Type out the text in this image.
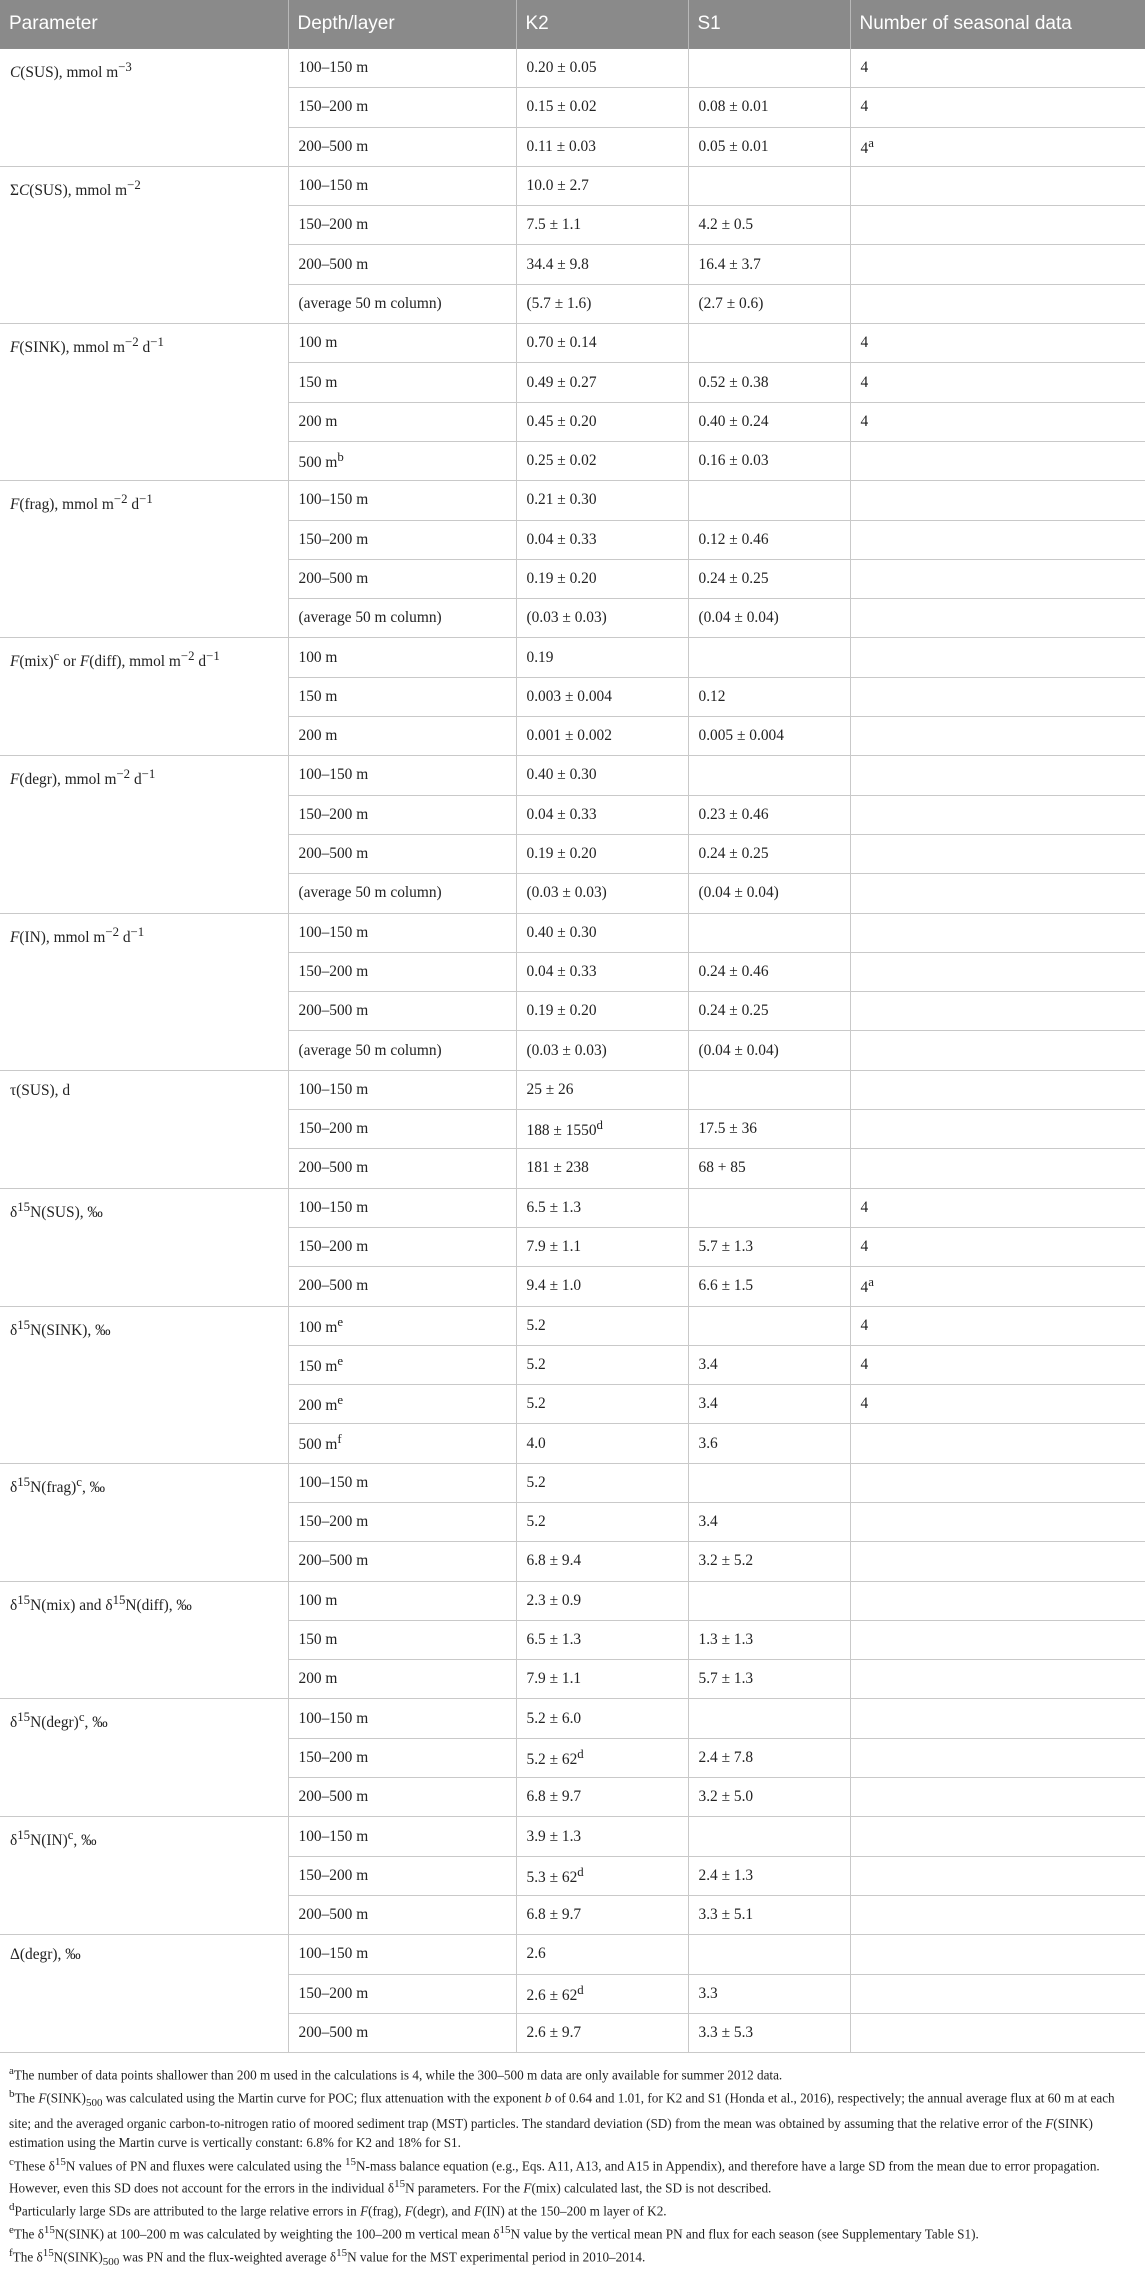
Parameter	Depth/layer	K2	S1	Number of seasonal data
C(SUS), mmol $m^{-3}$	100–150 m	0.20 ± 0.05		4
	150–200 m	0.15 ± 0.02	0.08 ± 0.01	4
	200–500 m	0.11 ± 0.03	0.05 ± 0.01	4$^a$
ΣC(SUS), mmol $m^{-2}$	100–150 m	10.0 ± 2.7		
	150–200 m	7.5 ± 1.1	4.2 ± 0.5	
	200–500 m	34.4 ± 9.8	16.4 ± 3.7	
	(average 50 m column)	(5.7 ± 1.6)	(2.7 ± 0.6)	
F(SINK), mmol $m^{-2}$ $d^{-1}$	100 m	0.70 ± 0.14		4
	150 m	0.49 ± 0.27	0.52 ± 0.38	4
	200 m	0.45 ± 0.20	0.40 ± 0.24	4
	500 $m^b$	0.25 ± 0.02	0.16 ± 0.03	
F(frag), mmol $m^{-2}$ $d^{-1}$	100–150 m	0.21 ± 0.30		
	150–200 m	0.04 ± 0.33	0.12 ± 0.46	
	200–500 m	0.19 ± 0.20	0.24 ± 0.25	
	(average 50 m column)	(0.03 ± 0.03)	(0.04 ± 0.04)	
F(mix)$^c$ or F(diff), mmol $m^{-2}$ $d^{-1}$	100 m	0.19		
	150 m	0.003 ± 0.004	0.12	
	200 m	0.001 ± 0.002	0.005 ± 0.004	
F(degr), mmol $m^{-2}$ $d^{-1}$	100–150 m	0.40 ± 0.30		
	150–200 m	0.04 ± 0.33	0.23 ± 0.46	
	200–500 m	0.19 ± 0.20	0.24 ± 0.25	
	(average 50 m column)	(0.03 ± 0.03)	(0.04 ± 0.04)	
F(IN), mmol $m^{-2}$ $d^{-1}$	100–150 m	0.40 ± 0.30		
	150–200 m	0.04 ± 0.33	0.24 ± 0.46	
	200–500 m	0.19 ± 0.20	0.24 ± 0.25	
	(average 50 m column)	(0.03 ± 0.03)	(0.04 ± 0.04)	
τ(SUS), d	100–150 m	25 ± 26		
	150–200 m	$188 \pm 1550^d$	17.5 ± 36	
	200–500 m	181 ± 238	68 + 85	
$\delta^{15}N(SUS)$, ‰	100–150 m	6.5 ± 1.3		4
	150–200 m	7.9 ± 1.1	5.7 ± 1.3	4
	200–500 m	9.4 ± 1.0	6.6 ± 1.5	4$^a$
$\delta^{15}N(SINK)$, ‰	100 $m^e$	5.2		4
	150 $m^e$	5.2	3.4	4
	200 $m^e$	5.2	3.4	4
	500 $m^f$	4.0	3.6	
$\delta^{15}N(frag)^c$, ‰	100–150 m	5.2		
	150–200 m	5.2	3.4	
	200–500 m	6.8 ± 9.4	3.2 ± 5.2	
$\delta^{15}N(mix)$ and $\delta^{15}N(diff)$, ‰	100 m	2.3 ± 0.9		
	150 m	6.5 ± 1.3	1.3 ± 1.3	
	200 m	7.9 ± 1.1	5.7 ± 1.3	
$\delta^{15}N(degr)^c$, ‰	100–150 m	5.2 ± 6.0		
	150–200 m	$5.2 \pm 62^d$	2.4 ± 7.8	
	200–500 m	6.8 ± 9.7	3.2 ± 5.0	
$\delta^{15}N(IN)^c$, ‰	100–150 m	3.9 ± 1.3		
	150–200 m	$5.3 \pm 62^d$	2.4 ± 1.3	
	200–500 m	6.8 ± 9.7	3.3 ± 5.1	
Δ(degr), ‰	100–150 m	2.6		
	150–200 m	$2.6 \pm 62^d$	3.3	
	200–500 m	2.6 ± 9.7	3.3 ± 5.3	

$^a$The number of data points shallower than 200 m used in the calculations is 4, while the 300–500 m data are only available for summer 2012 data.

$^b$The $F(SINK)_{500}$ was calculated using the Martin curve for POC; flux attenuation with the exponent b of 0.64 and 1.01, for K2 and S1 (Honda et al., 2016), respectively; the annual average flux at 60 m at each site; and the averaged organic carbon-to-nitrogen ratio of moored sediment trap (MST) particles. The standard deviation (SD) from the mean was obtained by assuming that the relative error of the F(SINK) estimation using the Martin curve is vertically constant: 6.8% for K2 and 18% for S1.

$^c$These $\delta^{15}N$ values of PN and fluxes were calculated using the $^{15}$N-mass balance equation (e.g., Eqs. A11, A13, and A15 in Appendix), and therefore have a large SD from the mean due to error propagation. However, even this SD does not account for the errors in the individual $\delta^{15}N$ parameters. For the F(mix) calculated last, the SD is not described.

$^d$Particularly large SDs are attributed to the large relative errors in F(frag), F(degr), and F(IN) at the 150–200 m layer of K2.

$^e$The $\delta^{15}N(SINK)$ at 100–200 m was calculated by weighting the 100–200 m vertical mean $\delta^{15}N$ value by the vertical mean PN and flux for each season (see Supplementary Table S1).

$^f$The $\delta^{15}N(SINK)_{500}$ was PN and the flux-weighted average $\delta^{15}N$ value for the MST experimental period in 2010–2014.
